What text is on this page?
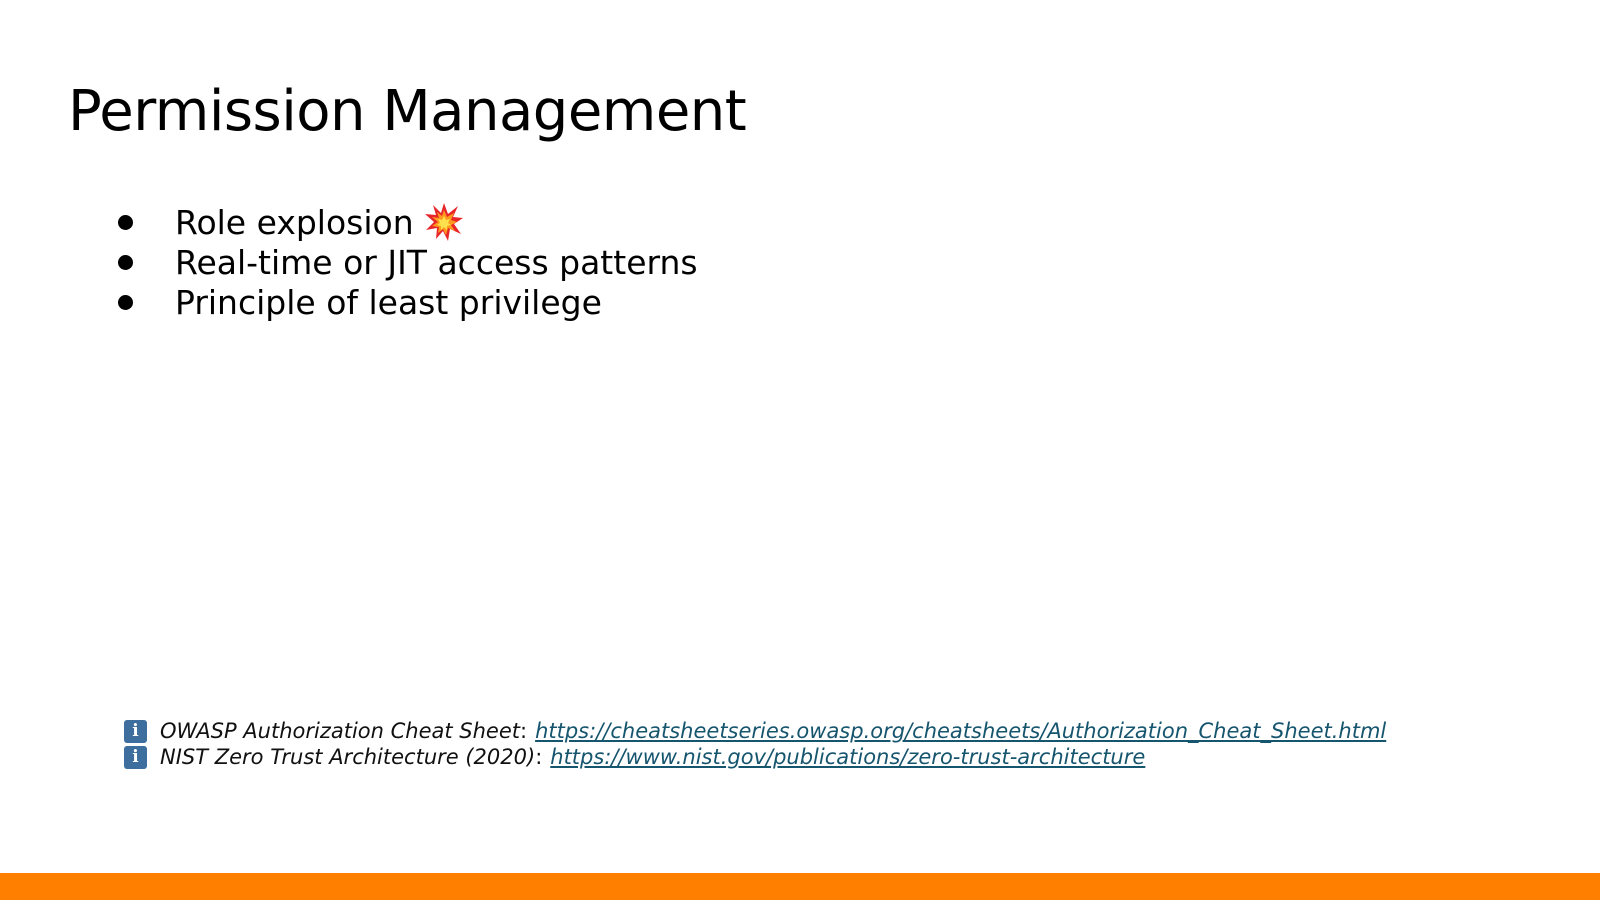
Permission Management
Role explosion
Real-time or JIT access patterns
Principle of least privilege
i	OWASP Authorization Cheat Sheet : https://cheatsheetseries.owasp.org/cheatsheets/Authorization_Cheat_Sheet.html
i	NIST Zero Trust Architecture (2020) : https://www.nist.gov/publications/zero-trust-architecture
